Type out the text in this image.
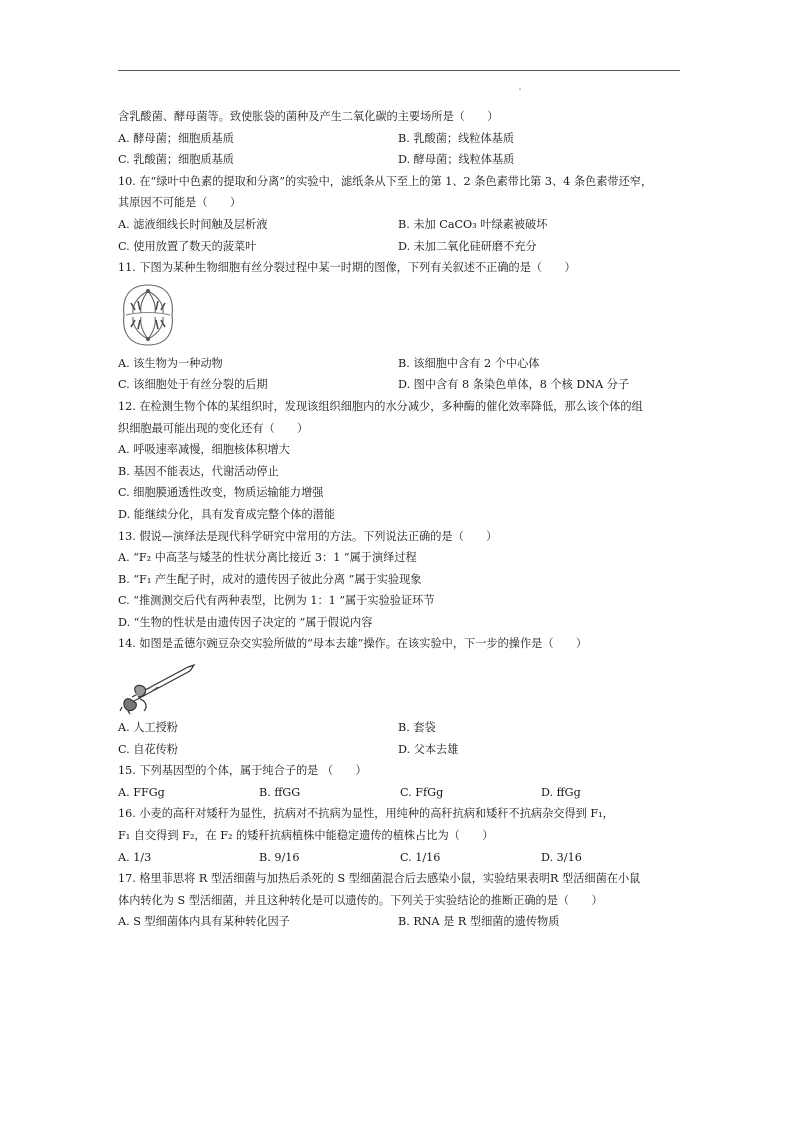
含乳酸菌、酵母菌等。致使胀袋的菌种及产生二氧化碳的主要场所是（　　）
A. 酵母菌；细胞质基质	B. 乳酸菌；线粒体基质
C. 乳酸菌；细胞质基质	D. 酵母菌；线粒体基质
10. 在“绿叶中色素的提取和分离”的实验中，滤纸条从下至上的第 1、2 条色素带比第 3、4 条色素带还窄，
其原因不可能是（　　）
A. 滤液细线长时间触及层析液	B. 未加 CaCO₃ 叶绿素被破坏
C. 使用放置了数天的菠菜叶	D. 未加二氧化硅研磨不充分
11. 下图为某种生物细胞有丝分裂过程中某一时期的图像，下列有关叙述不正确的是（　　）
A. 该生物为一种动物	B. 该细胞中含有 2 个中心体
C. 该细胞处于有丝分裂的后期	D. 图中含有 8 条染色单体，8 个核 DNA 分子
12. 在检测生物个体的某组织时，发现该组织细胞内的水分减少，多种酶的催化效率降低，那么该个体的组
织细胞最可能出现的变化还有（　　）
A. 呼吸速率减慢，细胞核体积增大
B. 基因不能表达，代谢活动停止
C. 细胞膜通透性改变，物质运输能力增强
D. 能继续分化，具有发育成完整个体的潜能
13. 假说—演绎法是现代科学研究中常用的方法。下列说法正确的是（　　）
A. “F₂ 中高茎与矮茎的性状分离比接近 3：1 ”属于演绎过程
B. “F₁ 产生配子时，成对的遗传因子彼此分离 ”属于实验现象
C. “推测测交后代有两种表型，比例为 1：1 ”属于实验验证环节
D. “生物的性状是由遗传因子决定的 ”属于假说内容
14. 如图是孟德尔豌豆杂交实验所做的“母本去雄”操作。在该实验中，下一步的操作是（　　）
A. 人工授粉	B. 套袋
C. 自花传粉	D. 父本去雄
15. 下列基因型的个体，属于纯合子的是 （　　）
A. FFGg	B. ffGG	C. FfGg	D. ffGg
16. 小麦的高秆对矮秆为显性，抗病对不抗病为显性，用纯种的高秆抗病和矮秆不抗病杂交得到 F₁，
F₁ 自交得到 F₂，在 F₂ 的矮秆抗病植株中能稳定遗传的植株占比为（　　）
A. 1/3	B. 9/16	C. 1/16	D. 3/16
17. 格里菲思将 R 型活细菌与加热后杀死的 S 型细菌混合后去感染小鼠，实验结果表明R 型活细菌在小鼠
体内转化为 S 型活细菌，并且这种转化是可以遗传的。下列关于实验结论的推断正确的是（　　）
A. S 型细菌体内具有某种转化因子	B. RNA 是 R 型细菌的遗传物质
